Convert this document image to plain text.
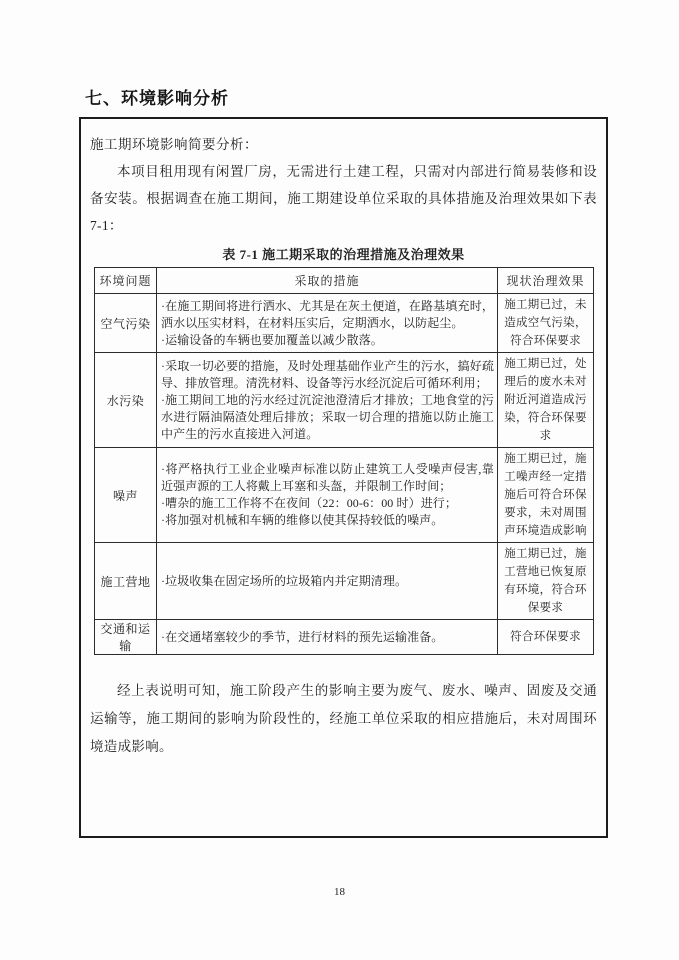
七、环境影响分析
施工期环境影响简要分析：
本项目租用现有闲置厂房，无需进行土建工程，只需对内部进行简易装修和设备安装。根据调查在施工期间，施工期建设单位采取的具体措施及治理效果如下表 7-1：
表 7-1 施工期采取的治理措施及治理效果
环境问题	采取的措施	现状治理效果
空气污染	·在施工期间将进行洒水、尤其是在灰土便道，在路基填充时，洒水以压实材料，在材料压实后，定期洒水，以防起尘。
·运输设备的车辆也要加覆盖以减少散落。	施工期已过，未造成空气污染，符合环保要求
水污染	·采取一切必要的措施，及时处理基础作业产生的污水，搞好疏导、排放管理。清洗材料、设备等污水经沉淀后可循环利用；
·施工期间工地的污水经过沉淀池澄清后才排放；工地食堂的污水进行隔油隔渣处理后排放；采取一切合理的措施以防止施工中产生的污水直接进入河道。	施工期已过，处理后的废水未对附近河道造成污染，符合环保要求
噪声	·将严格执行工业企业噪声标准以防止建筑工人受噪声侵害,靠近强声源的工人将戴上耳塞和头盔，并限制工作时间；
·嘈杂的施工工作将不在夜间（22：00-6：00 时）进行；
·将加强对机械和车辆的维修以使其保持较低的噪声。	施工期已过，施工噪声经一定措施后可符合环保要求，未对周围声环境造成影响
施工营地	·垃圾收集在固定场所的垃圾箱内并定期清理。	施工期已过，施工营地已恢复原有环境，符合环保要求
交通和运输	·在交通堵塞较少的季节，进行材料的预先运输准备。	符合环保要求
经上表说明可知，施工阶段产生的影响主要为废气、废水、噪声、固废及交通运输等，施工期间的影响为阶段性的，经施工单位采取的相应措施后，未对周围环境造成影响。
18
